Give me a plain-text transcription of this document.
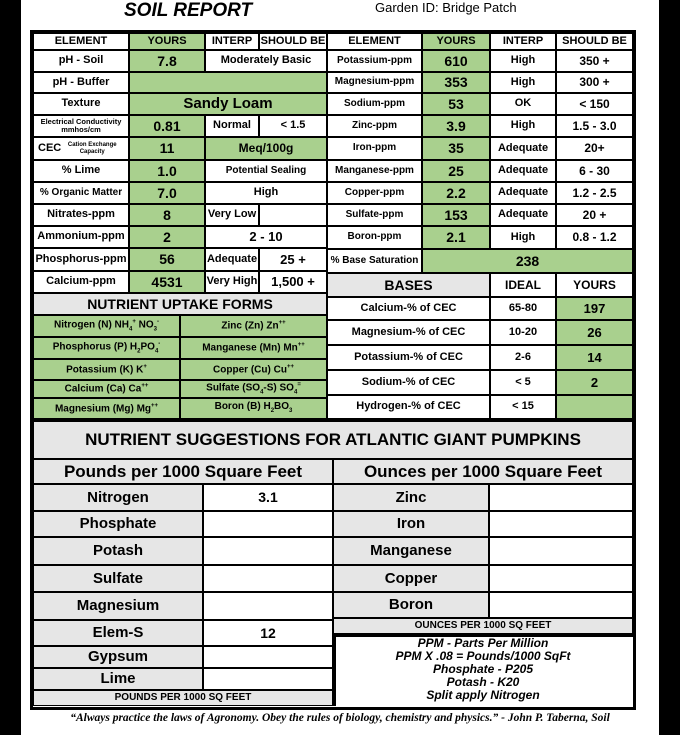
SOIL REPORT	Garden ID: Bridge Patch
ELEMENT	YOURS	INTERP SHOULD BE
pH - Soil	7.8	Moderately Basic
pH - Buffer
Texture	Sandy Loam
Electrical Conductivity mmhos/cm	0.81	Normal	< 1.5
CEC	Cation Exchange Capacity	11	Meq/100g
% Lime	1.0	Potential Sealing
% Organic Matter	7.0	High
Nitrates-ppm	8	Very Low
Ammonium-ppm	2	2 - 10
Phosphorus-ppm	56	Adequate	25 +
Calcium-ppm	4531	Very High	1,500 +
NUTRIENT UPTAKE FORMS
Nitrogen (N) $NH_4^+$ $NO_3^-$	Zinc (Zn) Zn++
Phosphorus (P) $H_2PO_4^-$	Manganese (Mn) Mn++
Potassium (K) K+	Copper (Cu) Cu++
Calcium (Ca) Ca++	Sulfate $(SO_4-S)$ $SO_4^=$
Magnesium (Mg) Mg++	Boron (B) $H_2BO_3$
ELEMENT	YOURS	INTERP	SHOULD BE
Potassium-ppm	610	High	350 +
Magnesium-ppm	353	High	300 +
Sodium-ppm	53	OK	< 150
Zinc-ppm	3.9	High	1.5 - 3.0
Iron-ppm	35	Adequate	20+
Manganese-ppm	25	Adequate	6 - 30
Copper-ppm	2.2	Adequate	1.2 - 2.5
Sulfate-ppm	153	Adequate	20 +
Boron-ppm	2.1	High	0.8 - 1.2
% Base Saturation	238
BASES	IDEAL	YOURS
Calcium-% of CEC	65-80	197
Magnesium-% of CEC	10-20	26
Potassium-% of CEC	2-6	14
Sodium-% of CEC	< 5	2
Hydrogen-% of CEC	< 15
NUTRIENT SUGGESTIONS FOR ATLANTIC GIANT PUMPKINS
Pounds per 1000 Square Feet	Ounces per 1000 Square Feet
Nitrogen	3.1
Phosphate
Potash
Sulfate
Magnesium
Elem-S	12
Gypsum
Lime
Zinc
Iron
Manganese
Copper
Boron
POUNDS PER 1000 SQ FEET
OUNCES PER 1000 SQ FEET
PPM - Parts Per Million
PPM X .08 = Pounds/1000 SqFt
Phosphate - P205
Potash - K20
Split apply Nitrogen
“Always practice the laws of Agronomy. Obey the rules of biology, chemistry and physics.” - John P. Taberna, Soil
